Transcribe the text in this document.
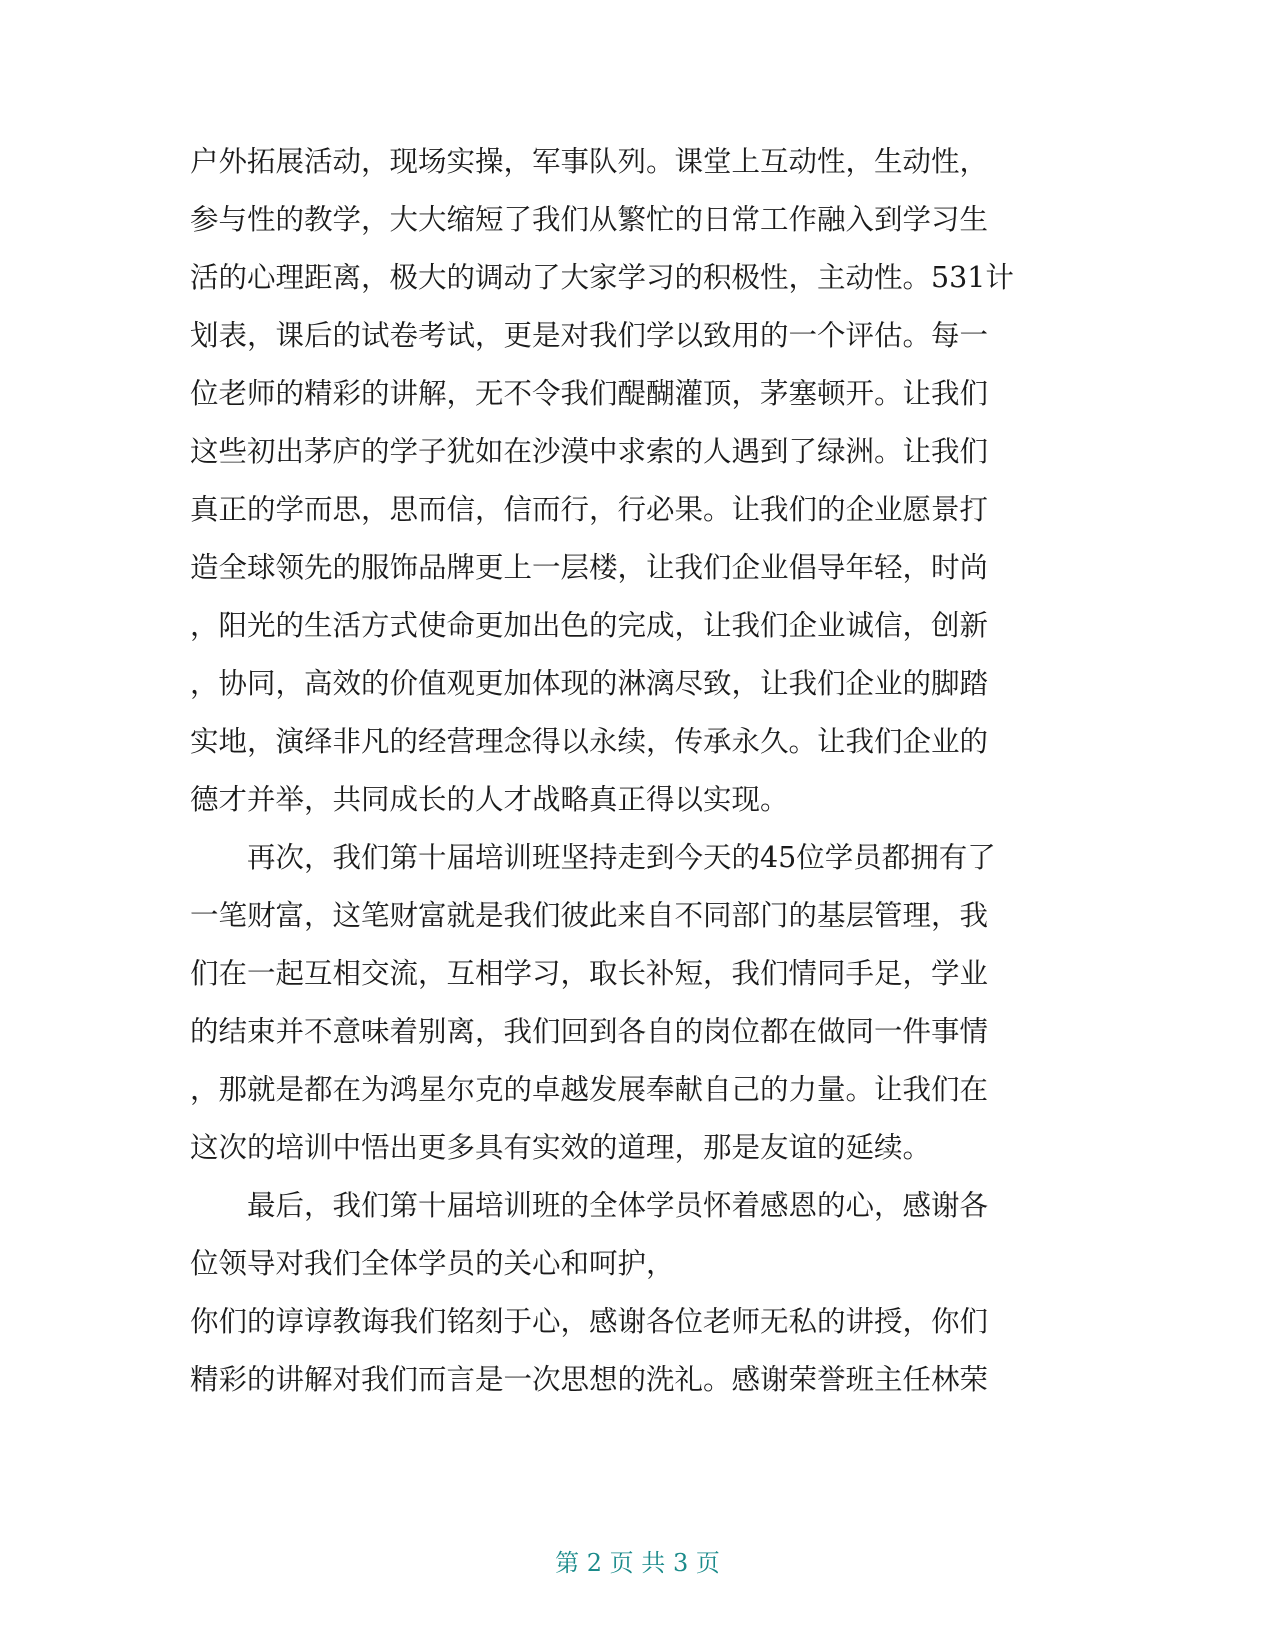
户外拓展活动，现场实操，军事队列。课堂上互动性，生动性，
参与性的教学，大大缩短了我们从繁忙的日常工作融入到学习生
活的心理距离，极大的调动了大家学习的积极性，主动性。531计
划表，课后的试卷考试，更是对我们学以致用的一个评估。每一
位老师的精彩的讲解，无不令我们醍醐灌顶，茅塞顿开。让我们
这些初出茅庐的学子犹如在沙漠中求索的人遇到了绿洲。让我们
真正的学而思，思而信，信而行，行必果。让我们的企业愿景打
造全球领先的服饰品牌更上一层楼，让我们企业倡导年轻，时尚
，阳光的生活方式使命更加出色的完成，让我们企业诚信，创新
，协同，高效的价值观更加体现的淋漓尽致，让我们企业的脚踏
实地，演绎非凡的经营理念得以永续，传承永久。让我们企业的
德才并举，共同成长的人才战略真正得以实现。
　　再次，我们第十届培训班坚持走到今天的45位学员都拥有了
一笔财富，这笔财富就是我们彼此来自不同部门的基层管理，我
们在一起互相交流，互相学习，取长补短，我们情同手足，学业
的结束并不意味着别离，我们回到各自的岗位都在做同一件事情
，那就是都在为鸿星尔克的卓越发展奉献自己的力量。让我们在
这次的培训中悟出更多具有实效的道理，那是友谊的延续。
　　最后，我们第十届培训班的全体学员怀着感恩的心，感谢各
位领导对我们全体学员的关心和呵护，
你们的谆谆教诲我们铭刻于心，感谢各位老师无私的讲授，你们
精彩的讲解对我们而言是一次思想的洗礼。感谢荣誉班主任林荣
第 2 页 共 3 页
